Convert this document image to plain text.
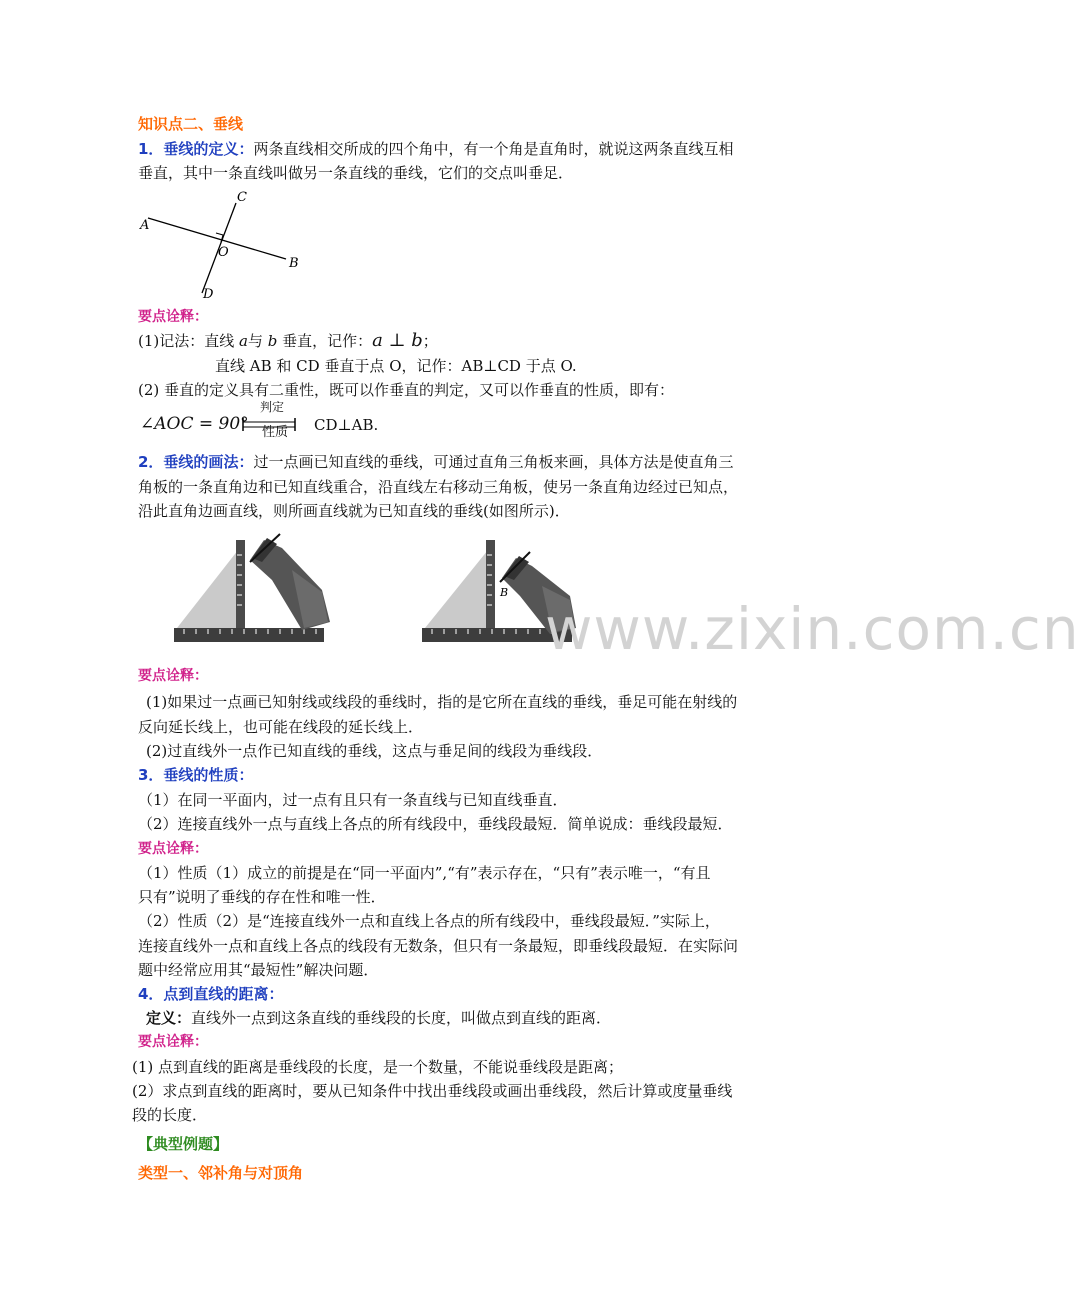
知识点二、垂线
1．垂线的定义：两条直线相交所成的四个角中，有一个角是直角时，就说这两条直线互相
垂直，其中一条直线叫做另一条直线的垂线，它们的交点叫垂足．
C
A
O
B
D
要点诠释：
(1)记法：直线 a与 b 垂直，记作：a ⊥ b；
直线 AB 和 CD 垂直于点 O，记作：AB⊥CD 于点 O.
(2) 垂直的定义具有二重性，既可以作垂直的判定，又可以作垂直的性质，即有：
∠AOC = 90°
判定
性质 CD⊥AB.
2．垂线的画法：过一点画已知直线的垂线，可通过直角三角板来画，具体方法是使直角三
角板的一条直角边和已知直线重合，沿直线左右移动三角板，使另一条直角边经过已知点，
沿此直角边画直线，则所画直线就为已知直线的垂线(如图所示)．
B
www.zixin.com.cn
要点诠释：
(1)如果过一点画已知射线或线段的垂线时，指的是它所在直线的垂线，垂足可能在射线的
反向延长线上，也可能在线段的延长线上．
(2)过直线外一点作已知直线的垂线，这点与垂足间的线段为垂线段．
3．垂线的性质：
（1）在同一平面内，过一点有且只有一条直线与已知直线垂直．
（2）连接直线外一点与直线上各点的所有线段中，垂线段最短．简单说成：垂线段最短．
要点诠释：
（1）性质（1）成立的前提是在“同一平面内”,“有”表示存在，“只有”表示唯一，“有且
只有”说明了垂线的存在性和唯一性．
（2）性质（2）是“连接直线外一点和直线上各点的所有线段中，垂线段最短．”实际上，
连接直线外一点和直线上各点的线段有无数条，但只有一条最短，即垂线段最短．在实际问
题中经常应用其“最短性”解决问题．
4．点到直线的距离：
定义：直线外一点到这条直线的垂线段的长度，叫做点到直线的距离．
要点诠释：
(1) 点到直线的距离是垂线段的长度，是一个数量，不能说垂线段是距离；
(2）求点到直线的距离时，要从已知条件中找出垂线段或画出垂线段，然后计算或度量垂线
段的长度．
【典型例题】
类型一、邻补角与对顶角
